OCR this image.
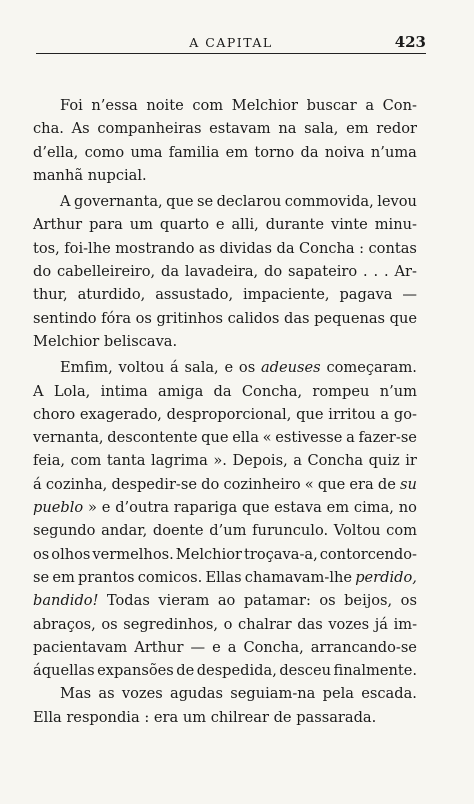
A CAPITAL	423
Foi n’essa noite com Melchior buscar a Con-
cha. As companheiras estavam na sala, em redor
d’ella, como uma familia em torno da noiva n’uma
manhã nupcial.
A governanta, que se declarou commovida, levou
Arthur para um quarto e alli, durante vinte minu-
tos, foi-lhe mostrando as dividas da Concha : contas
do cabelleireiro, da lavadeira, do sapateiro . . . Ar-
thur, aturdido, assustado, impaciente, pagava —
sentindo fóra os gritinhos calidos das pequenas que
Melchior beliscava.
Emfim, voltou á sala, e os adeuses começaram.
A Lola, intima amiga da Concha, rompeu n’um
choro exagerado, desproporcional, que irritou a go-
vernanta, descontente que ella « estivesse a fazer-se
feia, com tanta lagrima ». Depois, a Concha quiz ir
á cozinha, despedir-se do cozinheiro « que era de su
pueblo » e d’outra rapariga que estava em cima, no
segundo andar, doente d’um furunculo. Voltou com
os olhos vermelhos. Melchior troçava-a, contorcendo-
se em prantos comicos. Ellas chamavam-lhe perdido,
bandido! Todas vieram ao patamar: os beijos, os
abraços, os segredinhos, o chalrar das vozes já im-
pacientavam Arthur — e a Concha, arrancando-se
áquellas expansões de despedida, desceu finalmente.
Mas as vozes agudas seguiam-na pela escada.
Ella respondia : era um chilrear de passarada.
